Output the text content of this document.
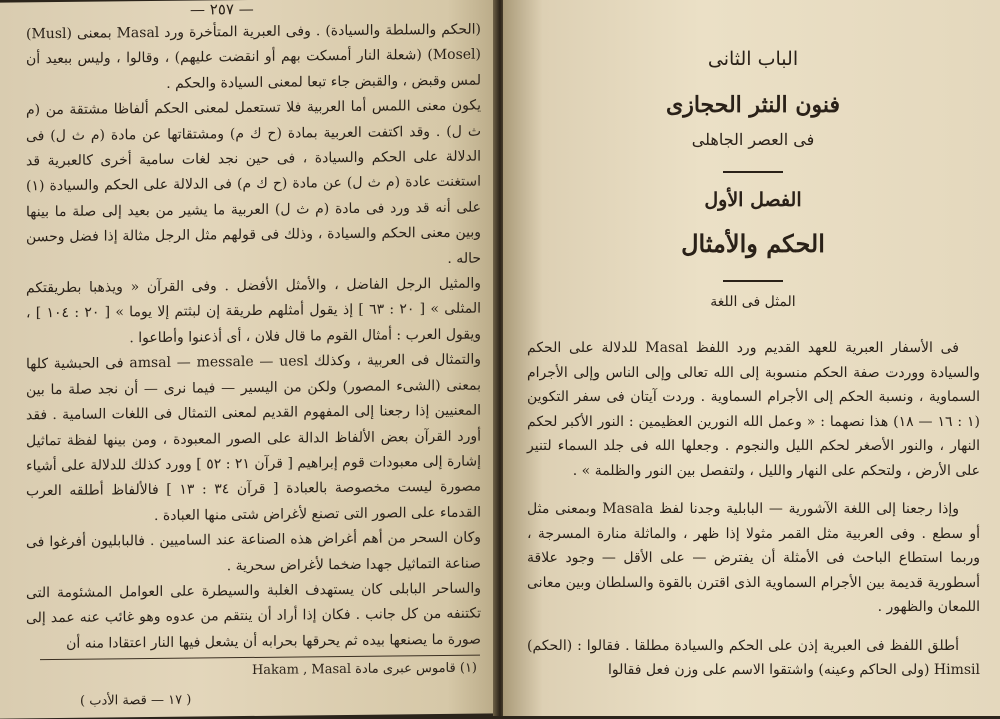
— ٢٥٧ —

(الحكم والسلطة والسيادة) . وفى العبرية المتأخرة ورد Masal بمعنى (Musl) (Mosel) (شعلة النار أمسكت بهم أو انقضت عليهم) ، وقالوا ، وليس ببعيد أن لمس وقبض ، والقبض جاء تبعا لمعنى السيادة والحكم .

يكون معنى اللمس أما العربية فلا تستعمل لمعنى الحكم ألفاظا مشتقة من (م ث ل) . وقد اكتفت العربية بمادة (ح ك م) ومشتقاتها عن مادة (م ث ل) فى الدلالة على الحكم والسيادة ، فى حين نجد لغات سامية أخرى كالعبرية قد استغنت عادة (م ث ل) عن مادة (ح ك م) فى الدلالة على الحكم والسيادة (١) على أنه قد ورد فى مادة (م ث ل) العربية ما يشير من بعيد إلى صلة ما بينها وبين معنى الحكم والسيادة ، وذلك فى قولهم مثل الرجل مثالة إذا فضل وحسن حاله .

والمثيل الرجل الفاضل ، والأمثل الأفضل . وفى القرآن « ويذهبا بطريقتكم المثلى » [ ٢٠ : ٦٣ ] إذ يقول أمثلهم طريقة إن لبثتم إلا يوما » [ ٢٠ : ١٠٤ ] ، ويقول العرب : أمثال القوم ما قال فلان ، أى أذعنوا وأطاعوا .

والتمثال فى العربية ، وكذلك amsal — messale — uesl فى الحبشية كلها بمعنى (الشىء المصور) ولكن من اليسير — فيما نرى — أن نجد صلة ما بين المعنيين إذا رجعنا إلى المفهوم القديم لمعنى التمثال فى اللغات السامية . فقد أورد القرآن بعض الألفاظ الدالة على الصور المعبودة ، ومن بينها لفظة تماثيل إشارة إلى معبودات قوم إبراهيم [ قرآن ٢١ : ٥٢ ] وورد كذلك للدلالة على أشياء مصورة ليست مخصوصة بالعبادة [ قرآن ٣٤ : ١٣ ] فالألفاظ أطلقه العرب القدماء على الصور التى تصنع لأغراض شتى منها العبادة .

وكان السحر من أهم أغراض هذه الصناعة عند الساميين . فالبابليون أفرغوا فى صناعة التماثيل جهدا ضخما لأغراض سحرية .

والساحر البابلى كان يستهدف الغلبة والسيطرة على العوامل المشئومة التى تكتنفه من كل جانب . فكان إذا أراد أن ينتقم من عدوه وهو غائب عنه عمد إلى صورة ما يصنعها بيده ثم يحرقها بحرابه أن يشعل فيها النار اعتقادا منه أن

(١) قاموس عبرى مادة Hakam , Masal
( ١٧ — قصة الأدب )
الباب الثانى
فنون النثر الحجازى
فى العصر الجاهلى
الفصل الأول
الحكم والأمثال
المثل فى اللغة

فى الأسفار العبرية للعهد القديم ورد اللفظ Masal للدلالة على الحكم والسيادة ووردت صفة الحكم منسوبة إلى الله تعالى وإلى الناس وإلى الأجرام السماوية ، ونسبة الحكم إلى الأجرام السماوية . وردت آيتان فى سفر التكوين (١ : ١٦ — ١٨) هذا نصهما : « وعمل الله النورين العظيمين : النور الأكبر لحكم النهار ، والنور الأصغر لحكم الليل والنجوم . وجعلها الله فى جلد السماء لتنير على الأرض ، ولتحكم على النهار والليل ، ولتفصل بين النور والظلمة » .

وإذا رجعنا إلى اللغة الآشورية — البابلية وجدنا لفظ Masala وبمعنى مثل أو سطع . وفى العربية مثل القمر مثولا إذا ظهر ، والماثلة منارة المسرجة ، وربما استطاع الباحث فى الأمثلة أن يفترض — على الأقل — وجود علاقة أسطورية قديمة بين الأجرام السماوية الذى اقترن بالقوة والسلطان وبين معانى اللمعان والظهور .

أطلق اللفظ فى العبرية إذن على الحكم والسيادة مطلقا . فقالوا : (الحكم) Himsil (ولى الحاكم وعينه) واشتقوا الاسم على وزن فعل فقالوا
